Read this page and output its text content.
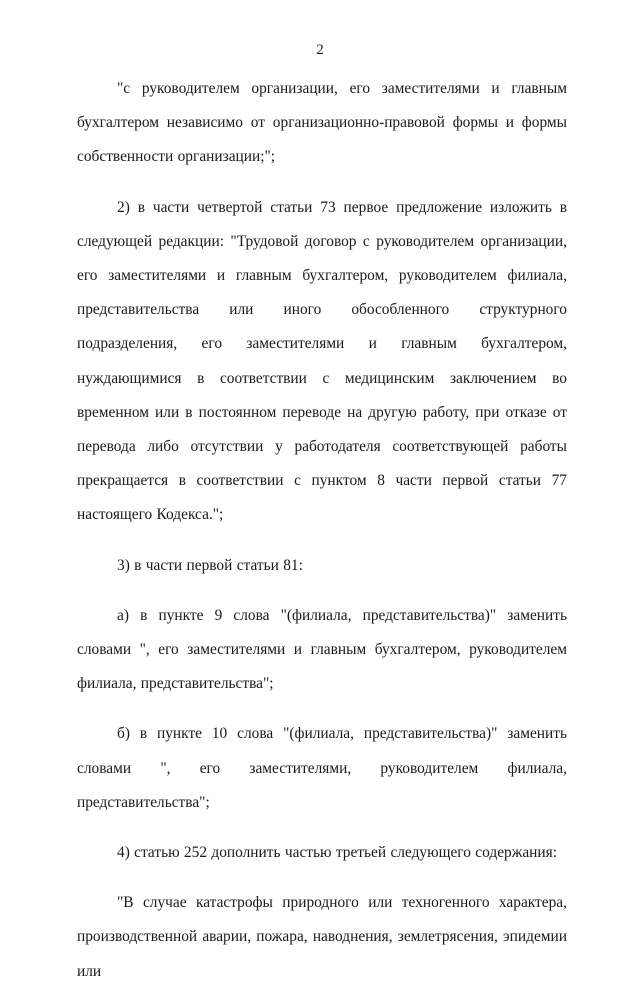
2

"с руководителем организации, его заместителями и главным бухгалтером независимо от организационно-правовой формы и формы собственности организации;";

2) в части четвертой статьи 73 первое предложение изложить в следующей редакции: "Трудовой договор с руководителем организации, его заместителями и главным бухгалтером, руководителем филиала, представительства или иного обособленного структурного подразделения, его заместителями и главным бухгалтером, нуждающимися в соответствии с медицинским заключением во временном или в постоянном переводе на другую работу, при отказе от перевода либо отсутствии у работодателя соответствующей работы прекращается в соответствии с пунктом 8 части первой статьи 77 настоящего Кодекса.";

3) в части первой статьи 81:

а) в пункте 9 слова "(филиала, представительства)" заменить словами ", его заместителями и главным бухгалтером, руководителем филиала, представительства";

б) в пункте 10 слова "(филиала, представительства)" заменить словами ", его заместителями, руководителем филиала, представительства";

4) статью 252 дополнить частью третьей следующего содержания:

"В случае катастрофы природного или техногенного характера, производственной аварии, пожара, наводнения, землетрясения, эпидемии или
